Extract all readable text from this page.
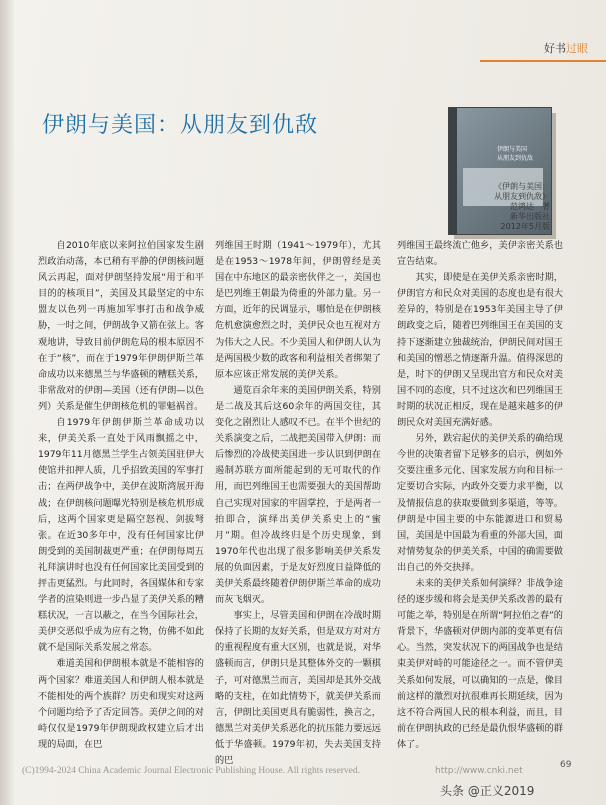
好书过眼
伊朗与美国：从朋友到仇敌
伊朗与美国
从朋友到仇敌
《伊朗与美国：
从朋友到仇敌》
范鸿达　著
新华出版社
2012年5月版

自2010年底以来阿拉伯国家发生剧烈政治动荡，本已稍有平静的伊朗核问题风云再起，面对伊朗坚持发展“用于和平目的的核项目”，美国及其最坚定的中东盟友以色列一再施加军事打击和战争威胁，一时之间，伊朗战争又箭在弦上。客观地讲，导致目前伊朗危局的根本原因不在于“核”，而在于1979年伊朗伊斯兰革命成功以来德黑兰与华盛顿的糟糕关系，非常敌对的伊朗—美国（还有伊朗—以色列）关系是催生伊朗核危机的罪魁祸首。

自1979年伊朗伊斯兰革命成功以来，伊美关系一直处于风雨飘摇之中，1979年11月德黑兰学生占领美国驻伊大使馆并扣押人质，几乎招致美国的军事打击；在两伊战争中，美伊在波斯湾展开海战；在伊朗核问题曝光特别是核危机形成后，这两个国家更是隔空怒视、剑拔弩张。在近30多年中，没有任何国家比伊朗受到的美国制裁更严重；在伊朗每周五礼拜演讲时也没有任何国家比美国受到的抨击更猛烈。与此同时，各国媒体和专家学者的渲染则进一步凸显了美伊关系的糟糕状况，一言以蔽之，在当今国际社会，美伊交恶似乎成为应有之物，仿佛不如此就不是国际关系发展之常态。

难道美国和伊朗根本就是不能相容的两个国家？难道美国人和伊朗人根本就是不能相处的两个族群？历史和现实对这两个问题均给予了否定回答。美伊之间的对峙仅仅是1979年伊朗现政权建立后才出现的局面，在巴

列维国王时期（1941～1979年），尤其是在1953～1978年间，伊朗曾经是美国在中东地区的最亲密伙伴之一，美国也是巴列维王朝最为倚重的外部力量。另一方面，近年的民调显示，哪怕是在伊朗核危机愈演愈烈之时，美伊民众也互视对方为伟大之人民。不少美国人和伊朗人认为是两国极少数的政客和利益相关者绑架了原本应该正常发展的美伊关系。

通览百余年来的美国伊朗关系，特别是二战及其后这60余年的两国交往，其变化之剧烈让人感叹不已。在半个世纪的关系演变之后，二战把美国带入伊朗：而后惨烈的冷战使美国进一步认识到伊朗在遏制苏联方面所能起到的无可取代的作用，而巴列维国王也需要强大的美国帮助自己实现对国家的牢固掌控，于是两者一拍即合，演绎出美伊关系史上的“蜜月”期。但冷战终归是个历史现象，到1970年代也出现了很多影响美伊关系发展的负面因素，于是友好烈度日益降低的美伊关系最终随着伊朗伊斯兰革命的成功而灰飞烟灭。

事实上，尽管美国和伊朗在冷战时期保持了长期的友好关系，但是双方对对方的重视程度有重大区别，也就是说，对华盛顿而言，伊朗只是其整体外交的一颗棋子，可对德黑兰而言，美国却是其外交战略的支柱，在如此情势下，就美伊关系而言，伊朗比美国更具有脆弱性，换言之，德黑兰对美伊关系恶化的抗压能力要远远低于华盛顿。1979年初，失去美国支持的巴

列维国王最终流亡他乡，美伊亲密关系也宣告结束。

其实，即使是在美伊关系亲密时期，伊朗官方和民众对美国的态度也是有很大差异的，特别是在1953年美国主导了伊朗政变之后，随着巴列维国王在美国的支持下逐渐建立独裁统治，伊朗民间对国王和美国的憎恶之情逐渐升温。值得深思的是，时下的伊朗又呈现出官方和民众对美国不同的态度，只不过这次和巴列维国王时期的状况正相反，现在是越来越多的伊朗民众对美国充满好感。

另外，跌宕起伏的美伊关系的确给现今世的决策者留下足够多的启示，例如外交要注重多元化、国家发展方向和目标一定要切合实际，内政外交要力求平衡，以及情报信息的获取要做到多渠道，等等。伊朗是中国主要的中东能源进口和贸易国，美国是中国最为看重的外部大国，面对情势复杂的伊美关系，中国的确需要做出自己的外交抉择。

未来的美伊关系如何演绎？非战争途径的逐步缓和将会是美伊关系改善的最有可能之举，特别是在所谓“阿拉伯之春”的背景下，华盛顿对伊朗内部的变革更有信心。当然，突发状况下的两国战争也是结束美伊对峙的可能途径之一。而不管伊美关系如何发展，可以确知的一点是，像目前这样的激烈对抗很难再长期延续，因为这不符合两国人民的根本利益，而且，目前在伊朗执政的已经是最仇恨华盛顿的群体了。

69
(C)1994-2024 China Academic Journal Electronic Publishing House. All rights reserved.	http://www.cnki.net
头条 @正义2019
